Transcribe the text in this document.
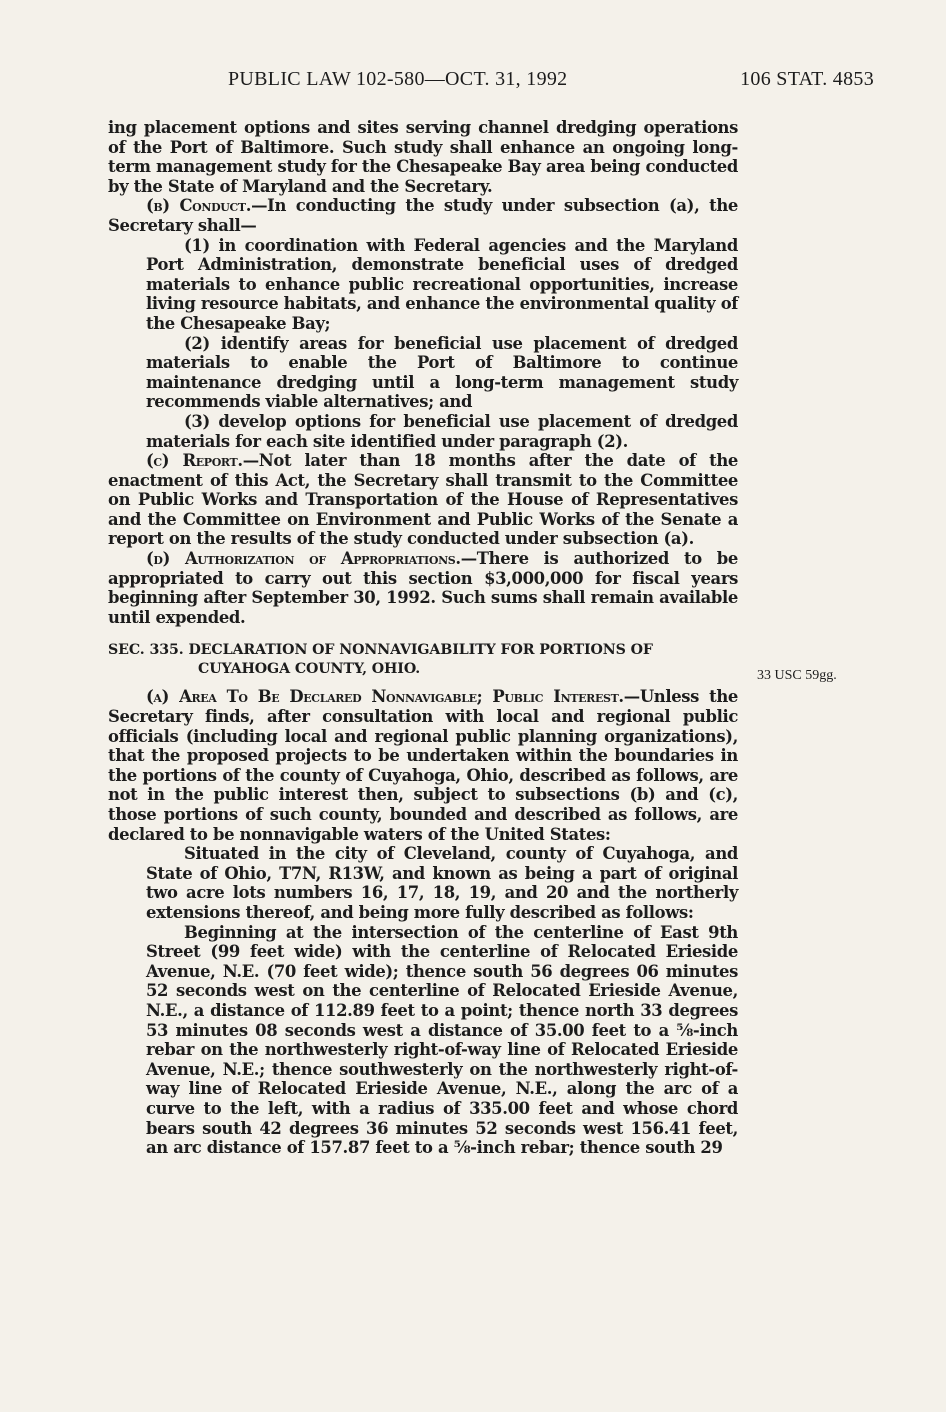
PUBLIC LAW 102-580—OCT. 31, 1992	106 STAT. 4853

ing placement options and sites serving channel dredging operations of the Port of Baltimore. Such study shall enhance an ongoing long-term management study for the Chesapeake Bay area being conducted by the State of Maryland and the Secretary.

(b) Conduct.—In conducting the study under subsection (a), the Secretary shall—

(1) in coordination with Federal agencies and the Maryland Port Administration, demonstrate beneficial uses of dredged materials to enhance public recreational opportunities, increase living resource habitats, and enhance the environmental quality of the Chesapeake Bay;

(2) identify areas for beneficial use placement of dredged materials to enable the Port of Baltimore to continue maintenance dredging until a long-term management study recommends viable alternatives; and

(3) develop options for beneficial use placement of dredged materials for each site identified under paragraph (2).

(c) Report.—Not later than 18 months after the date of the enactment of this Act, the Secretary shall transmit to the Committee on Public Works and Transportation of the House of Representatives and the Committee on Environment and Public Works of the Senate a report on the results of the study conducted under subsection (a).

(d) Authorization of Appropriations.—There is authorized to be appropriated to carry out this section $3,000,000 for fiscal years beginning after September 30, 1992. Such sums shall remain available until expended.

SEC. 335. DECLARATION OF NONNAVIGABILITY FOR PORTIONS OF
CUYAHOGA COUNTY, OHIO.

(a) Area To Be Declared Nonnavigable; Public Interest.—Unless the Secretary finds, after consultation with local and regional public officials (including local and regional public planning organizations), that the proposed projects to be undertaken within the boundaries in the portions of the county of Cuyahoga, Ohio, described as follows, are not in the public interest then, subject to subsections (b) and (c), those portions of such county, bounded and described as follows, are declared to be nonnavigable waters of the United States:

Situated in the city of Cleveland, county of Cuyahoga, and State of Ohio, T7N, R13W, and known as being a part of original two acre lots numbers 16, 17, 18, 19, and 20 and the northerly extensions thereof, and being more fully described as follows:

Beginning at the intersection of the centerline of East 9th Street (99 feet wide) with the centerline of Relocated Erieside Avenue, N.E. (70 feet wide); thence south 56 degrees 06 minutes 52 seconds west on the centerline of Relocated Erieside Avenue, N.E., a distance of 112.89 feet to a point; thence north 33 degrees 53 minutes 08 seconds west a distance of 35.00 feet to a ⅝-inch rebar on the northwesterly right-of-way line of Relocated Erieside Avenue, N.E.; thence southwesterly on the northwesterly right-of-way line of Relocated Erieside Avenue, N.E., along the arc of a curve to the left, with a radius of 335.00 feet and whose chord bears south 42 degrees 36 minutes 52 seconds west 156.41 feet, an arc distance of 157.87 feet to a ⅝-inch rebar; thence south 29

33 USC 59gg.
